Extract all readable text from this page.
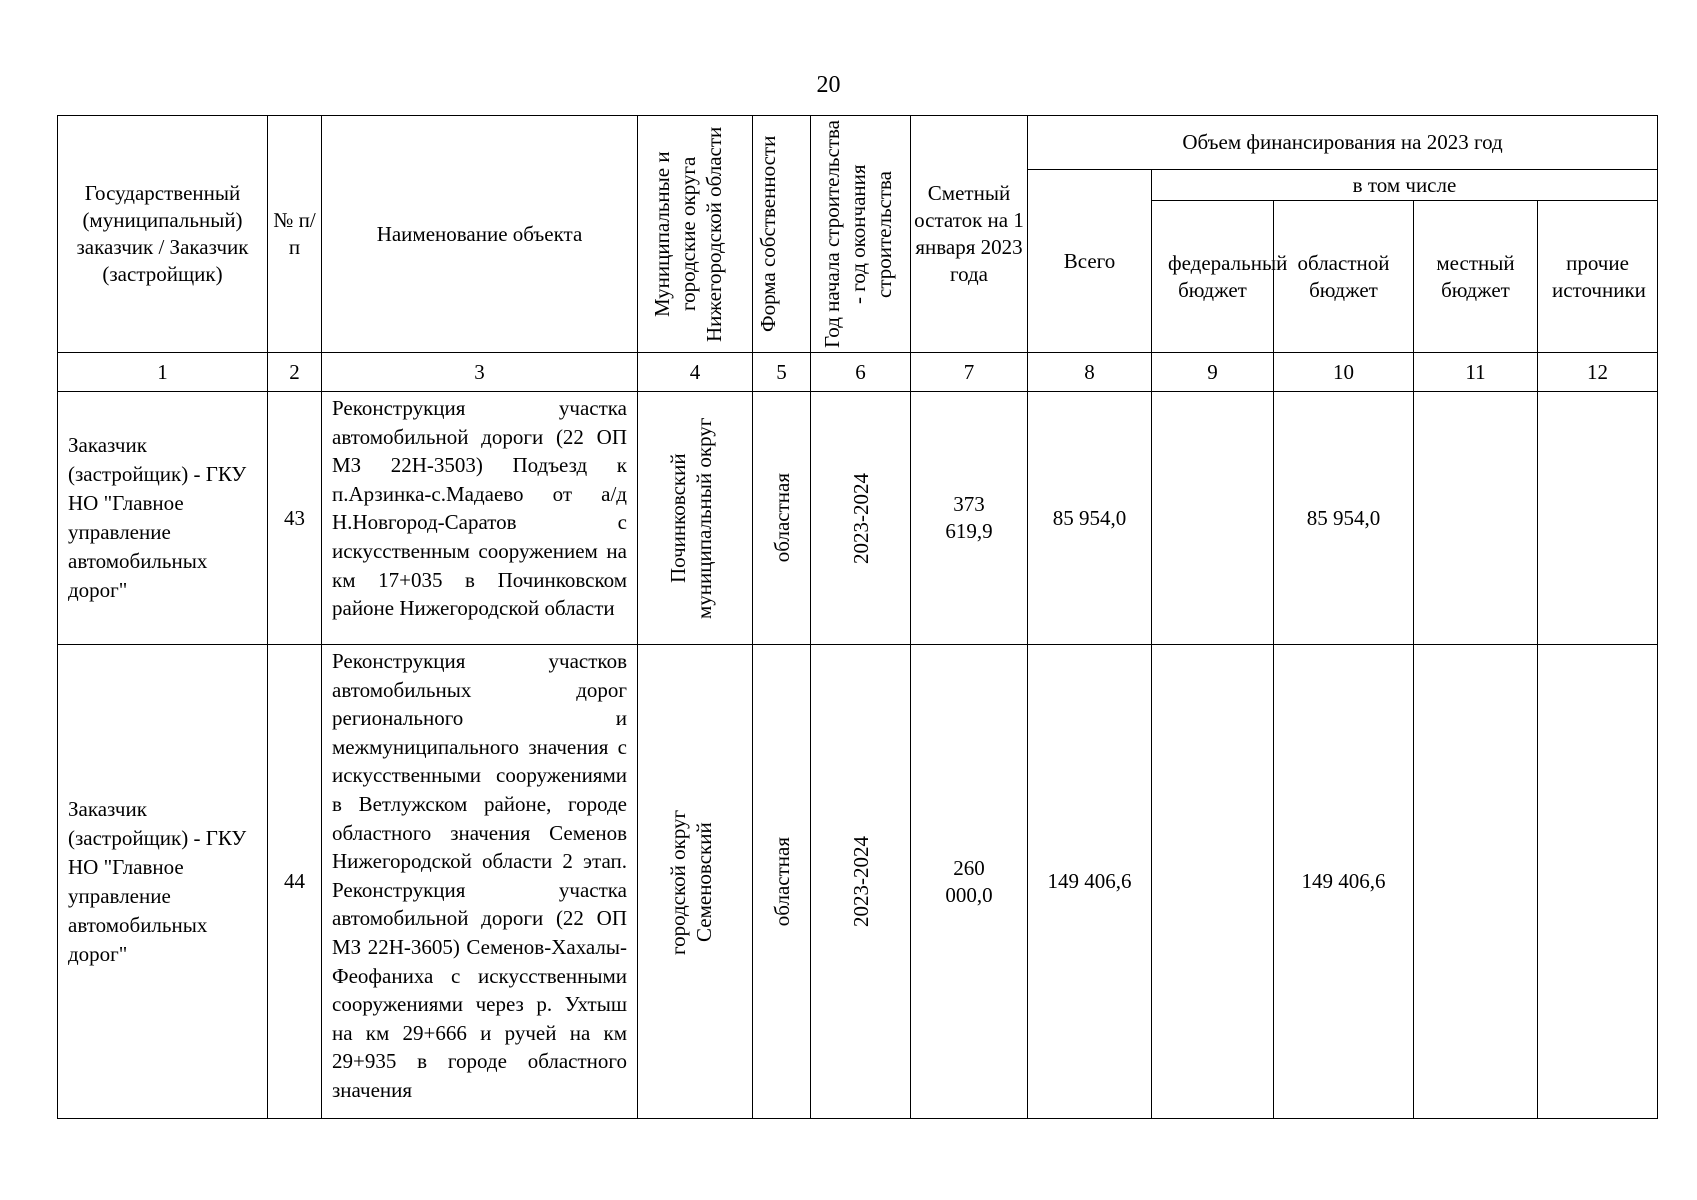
20
Государственный (муниципальный) заказчик / Заказчик (застройщик)	№ п/п	Наименование объекта	Муниципальные и городские округа Нижегородской области	Форма собственности	Год начала строительства - год окончания строительства	Сметный остаток на 1 января 2023 года	Объем финансирования на 2023 год				
							Всего	в том числе			
								федеральный бюджет	областной бюджет	местный бюджет	прочие источники
1	2	3	4	5	6	7	8	9	10	11	12
Заказчик (застройщик) - ГКУ НО "Главное управление автомобильных дорог"	43	Реконструкция участка автомобильной дороги (22 ОП МЗ 22Н-3503) Подъезд к п.Арзинка-с.Мадаево от а/д Н.Новгород-Саратов с искусственным сооружением на км 17+035 в Починковском районе Нижегородской области	Починковский муниципальный округ	областная	2023-2024	373 619,9	85 954,0		85 954,0		
Заказчик (застройщик) - ГКУ НО "Главное управление автомобильных дорог"	44	Реконструкция участков автомобильных дорог регионального и межмуниципального значения с искусственными сооружениями в Ветлужском районе, городе областного значения Семенов Нижегородской области 2 этап. Реконструкция участка автомобильной дороги (22 ОП МЗ 22Н-3605) Семенов-Хахалы-Феофаниха с искусственными сооружениями через р. Ухтыш на км 29+666 и ручей на км 29+935 в городе областного значения	городской округ Семеновский	областная	2023-2024	260 000,0	149 406,6		149 406,6		
